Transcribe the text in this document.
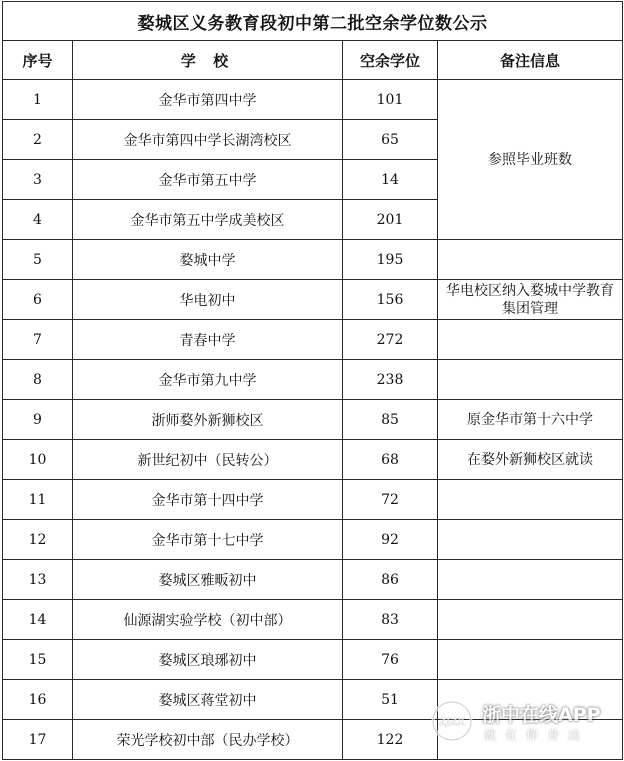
婺城区义务教育段初中第二批空余学位数公示			
序号	学 校	空余学位	备注信息
1	金华市第四中学	101	参照毕业班数
2	金华市第四中学长湖湾校区	65	
3	金华市第五中学	14	
4	金华市第五中学成美校区	201	
5	婺城中学	195	
6	华电初中	156	华电校区纳入婺城中学教育集团管理
7	青春中学	272	
8	金华市第九中学	238	
9	浙师婺外新狮校区	85	原金华市第十六中学
10	新世纪初中（民转公）	68	在婺外新狮校区就读
11	金华市第十四中学	72	
12	金华市第十七中学	92	
13	婺城区雅畈初中	86	
14	仙源湖实验学校（初中部）	83	
15	婺城区琅琊初中	76	
16	婺城区蒋堂初中	51	
17	荣光学校初中部（民办学校）	122	
ZJZX 浙中在线APP
就在你身边
